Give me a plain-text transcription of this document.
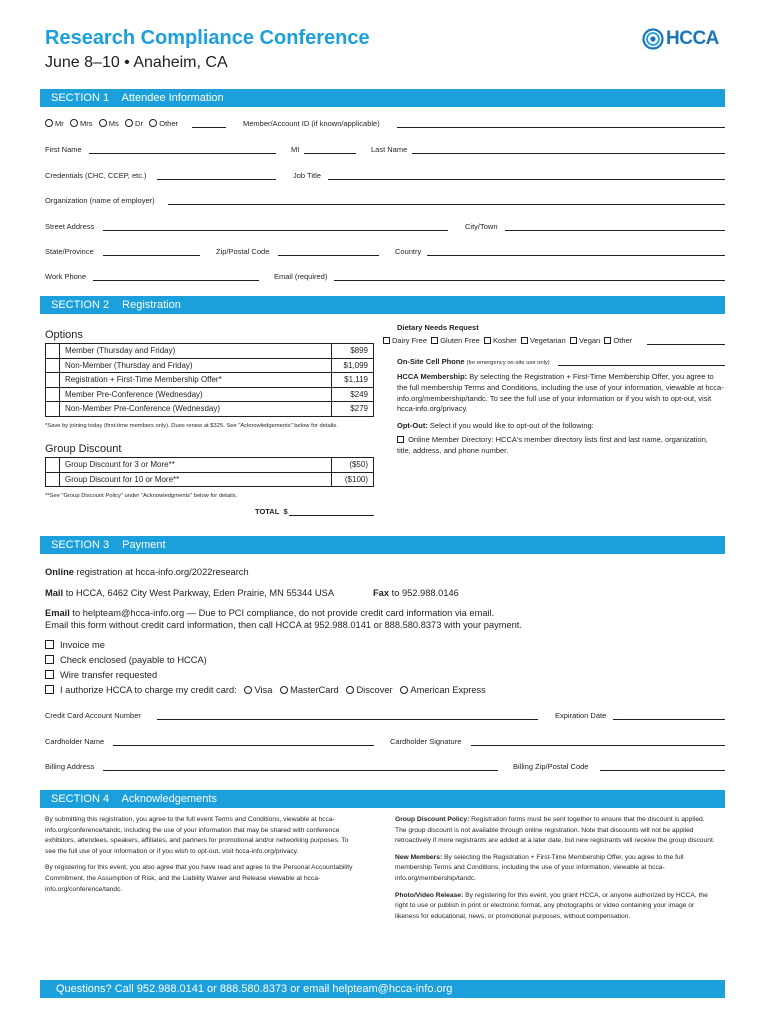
Research Compliance Conference
June 8–10 • Anaheim, CA
HCCA
SECTION 1 Attendee Information
Mr Mrs Ms Dr Other	Member/Account ID (if known/applicable)
First Name	MI	Last Name
Credentials (CHC, CCEP, etc.)	Job Title
Organization (name of employer)
Street Address	City/Town
State/Province	Zip/Postal Code	Country
Work Phone	Email (required)
SECTION 2 Registration
Options
	Member (Thursday and Friday)	$899
	Non-Member (Thursday and Friday)	$1,099
	Registration + First-Time Membership Offer*	$1,119
	Member Pre-Conference (Wednesday)	$249
	Non-Member Pre-Conference (Wednesday)	$279
*Save by joining today (first-time members only). Dues renew at $325. See "Acknowledgements" below for details.
Group Discount
	Group Discount for 3 or More**	($50)
	Group Discount for 10 or More**	($100)
**See "Group Discount Policy" under "Acknowledgments" below for details.
TOTAL $
Dietary Needs Request
Dairy Free Gluten Free Kosher Vegetarian Vegan Other
On-Site Cell Phone (for emergency on-site use only)
HCCA Membership: By selecting the Registration + First-Time Membership Offer, you agree to the full membership Terms and Conditions, including the use of your information, viewable at hcca-info.org/membership/tandc. To see the full use of your information or if you wish to opt-out, visit hcca-info.org/privacy.
Opt-Out: Select if you would like to opt-out of the following:
Online Member Directory: HCCA's member directory lists first and last name, organization, title, address, and phone number.
SECTION 3 Payment
Online registration at hcca-info.org/2022research
Mail to HCCA, 6462 City West Parkway, Eden Prairie, MN 55344 USA	Fax to 952.988.0146
Email to helpteam@hcca-info.org — Due to PCI compliance, do not provide credit card information via email.
Email this form without credit card information, then call HCCA at 952.988.0141 or 888.580.8373 with your payment.
Invoice me
Check enclosed (payable to HCCA)
Wire transfer requested
I authorize HCCA to charge my credit card: Visa MasterCard Discover American Express
Credit Card Account Number	Expiration Date
Cardholder Name	Cardholder Signature
Billing Address	Billing Zip/Postal Code
SECTION 4 Acknowledgements

By submitting this registration, you agree to the full event Terms and Conditions, viewable at hcca-info.org/conference/tandc, including the use of your information that may be shared with conference exhibitors, attendees, speakers, affiliates, and partners for promotional and/or networking purposes. To see the full use of your information or if you wish to opt-out, visit hcca-info.org/privacy.

By registering for this event, you also agree that you have read and agree to the Personal Accountability Commitment, the Assumption of Risk, and the Liability Waiver and Release viewable at hcca-info.org/conference/tandc.

Group Discount Policy: Registration forms must be sent together to ensure that the discount is applied. The group discount is not available through online registration. Note that discounts will not be applied retroactively if more registrants are added at a later date, but new registrants will receive the group discount.

New Members: By selecting the Registration + First-Time Membership Offer, you agree to the full membership Terms and Conditions, including the use of your information, viewable at hcca-info.org/membership/tandc.

Photo/Video Release: By registering for this event, you grant HCCA, or anyone authorized by HCCA, the right to use or publish in print or electronic format, any photographs or video containing your image or likeness for educational, news, or promotional purposes, without compensation.

Questions? Call 952.988.0141 or 888.580.8373 or email helpteam@hcca-info.org
